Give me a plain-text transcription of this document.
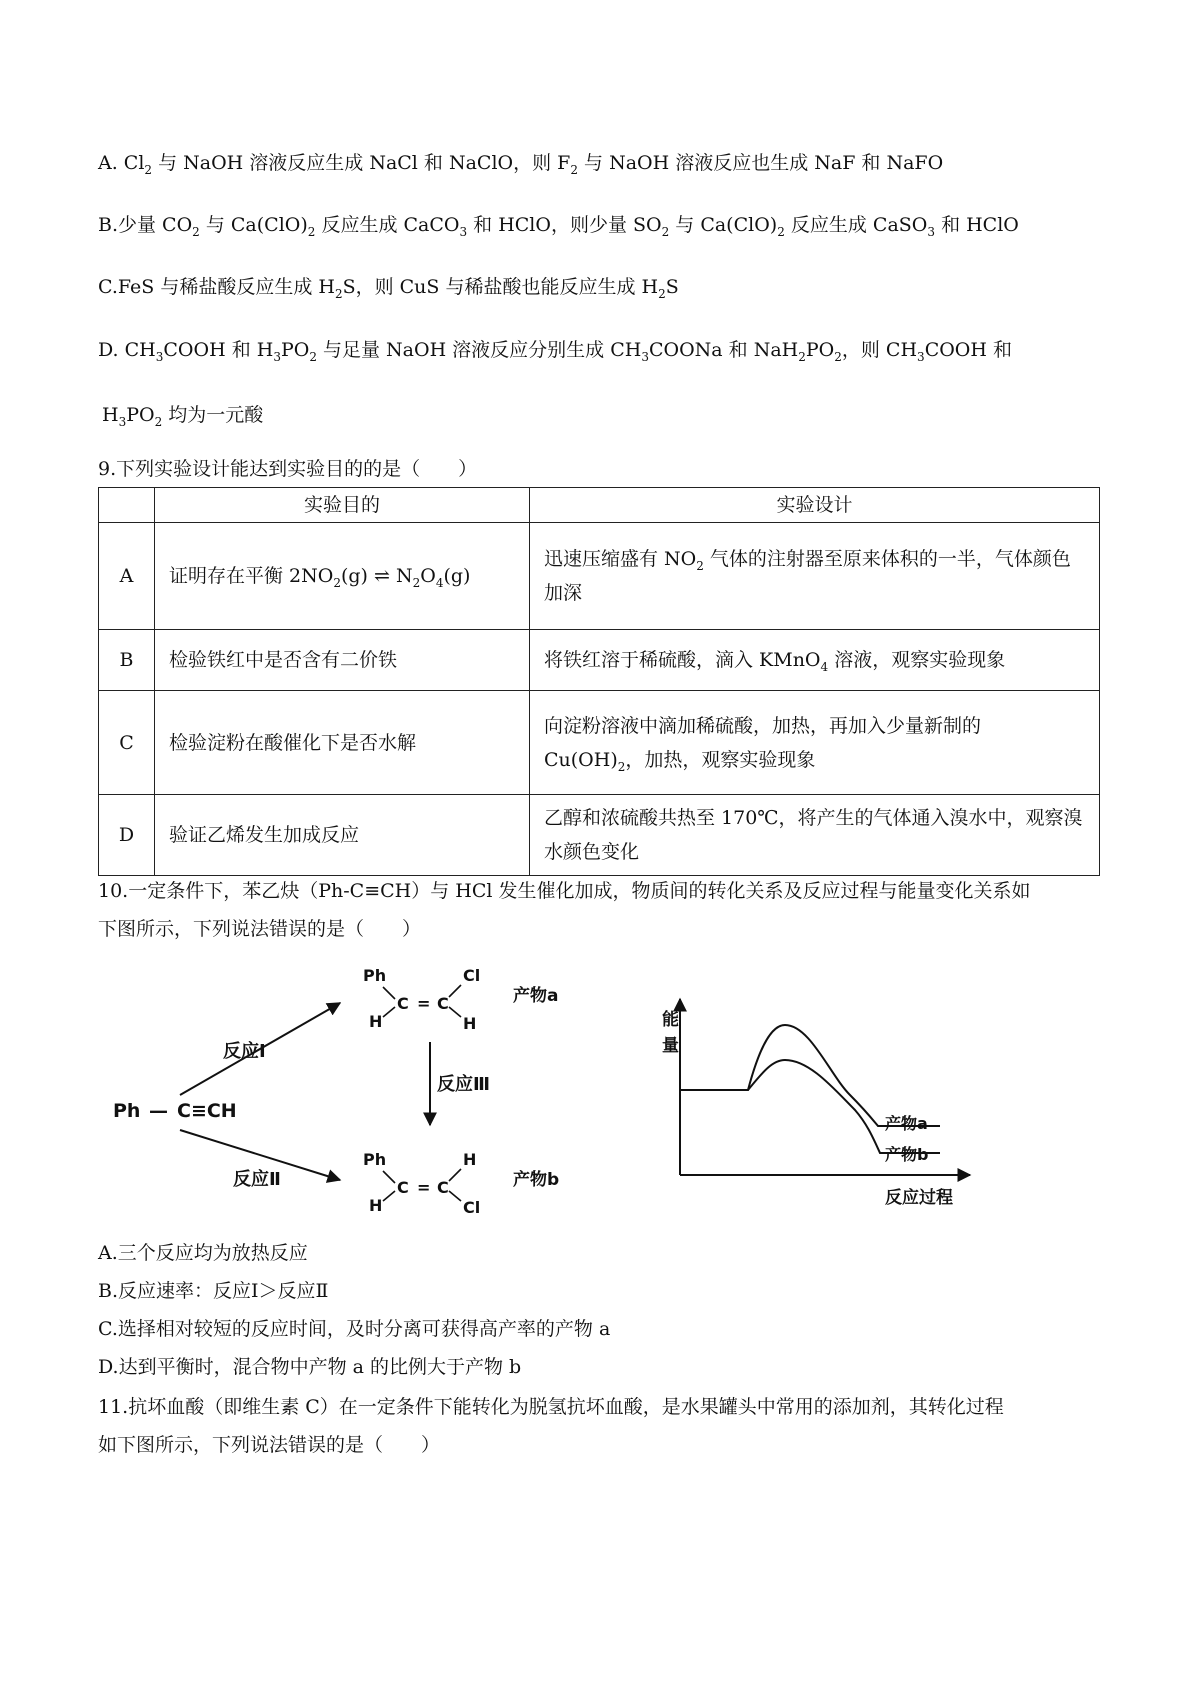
A. $Cl_2$ 与 NaOH 溶液反应生成 NaCl 和 NaClO，则 $F_2$ 与 NaOH 溶液反应也生成 NaF 和 NaFO
B.少量 $CO_2$ 与 $Ca(ClO)_2$ 反应生成 CaCO$_3$ 和 HClO，则少量 $SO_2$ 与 $Ca(ClO)_2$ 反应生成 CaSO$_3$ 和 HClO
C.FeS 与稀盐酸反应生成 $H_2S$，则 CuS 与稀盐酸也能反应生成 $H_2S$
D. $CH_3COOH$ 和 $H_3PO_2$ 与足量 NaOH 溶液反应分别生成 $CH_3COONa$ 和 $NaH_2PO_2$，则 $CH_3COOH$ 和
$H_3PO_2$ 均为一元酸
9.下列实验设计能达到实验目的的是（　　）
	实验目的	实验设计
A	证明存在平衡 $2NO_2(g)$ ⇌ $N_2O_4(g)$	迅速压缩盛有 $NO_2$ 气体的注射器至原来体积的一半，气体颜色加深
B	检验铁红中是否含有二价铁	将铁红溶于稀硫酸，滴入 KMnO$_4$ 溶液，观察实验现象
C	检验淀粉在酸催化下是否水解	向淀粉溶液中滴加稀硫酸，加热，再加入少量新制的 $Cu(OH)_2$，加热，观察实验现象
D	验证乙烯发生加成反应	乙醇和浓硫酸共热至 170℃，将产生的气体通入溴水中，观察溴水颜色变化
10.一定条件下，苯乙炔（Ph-C≡CH）与 HCl 发生催化加成，物质间的转化关系及反应过程与能量变化关系如
下图所示，下列说法错误的是（　　）
Ph — C≡CH
反应Ⅰ
反应Ⅱ
反应Ⅲ
Ph
H
C = C
Cl
H
产物a
Ph
H
C = C
H
Cl
产物b
能
量
反应过程
产物a
产物b
A.三个反应均为放热反应
B.反应速率：反应Ⅰ＞反应Ⅱ
C.选择相对较短的反应时间，及时分离可获得高产率的产物 a
D.达到平衡时，混合物中产物 a 的比例大于产物 b
11.抗坏血酸（即维生素 C）在一定条件下能转化为脱氢抗坏血酸，是水果罐头中常用的添加剂，其转化过程
如下图所示，下列说法错误的是（　　）
